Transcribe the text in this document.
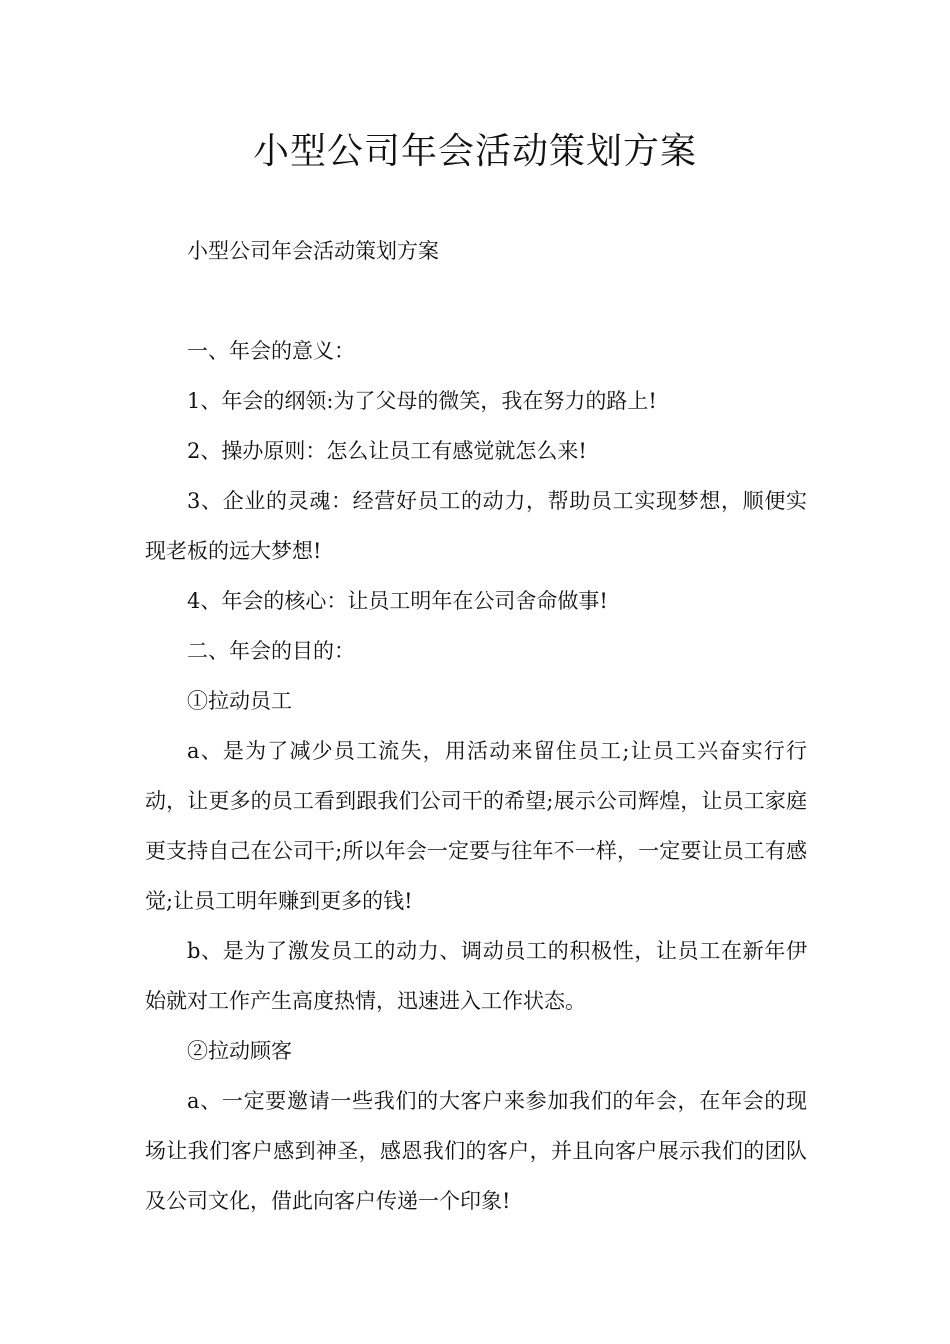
小型公司年会活动策划方案

小型公司年会活动策划方案

一、年会的意义：

1、年会的纲领:为了父母的微笑，我在努力的路上!

2、操办原则：怎么让员工有感觉就怎么来!

3、企业的灵魂：经营好员工的动力，帮助员工实现梦想，顺便实现老板的远大梦想!

4、年会的核心：让员工明年在公司舍命做事!

二、年会的目的：

①拉动员工

a、是为了减少员工流失，用活动来留住员工;让员工兴奋实行行动，让更多的员工看到跟我们公司干的希望;展示公司辉煌，让员工家庭更支持自己在公司干;所以年会一定要与往年不一样，一定要让员工有感觉;让员工明年赚到更多的钱!

b、是为了激发员工的动力、调动员工的积极性，让员工在新年伊始就对工作产生高度热情，迅速进入工作状态。

②拉动顾客

a、一定要邀请一些我们的大客户来参加我们的年会，在年会的现场让我们客户感到神圣，感恩我们的客户，并且向客户展示我们的团队及公司文化，借此向客户传递一个印象!
